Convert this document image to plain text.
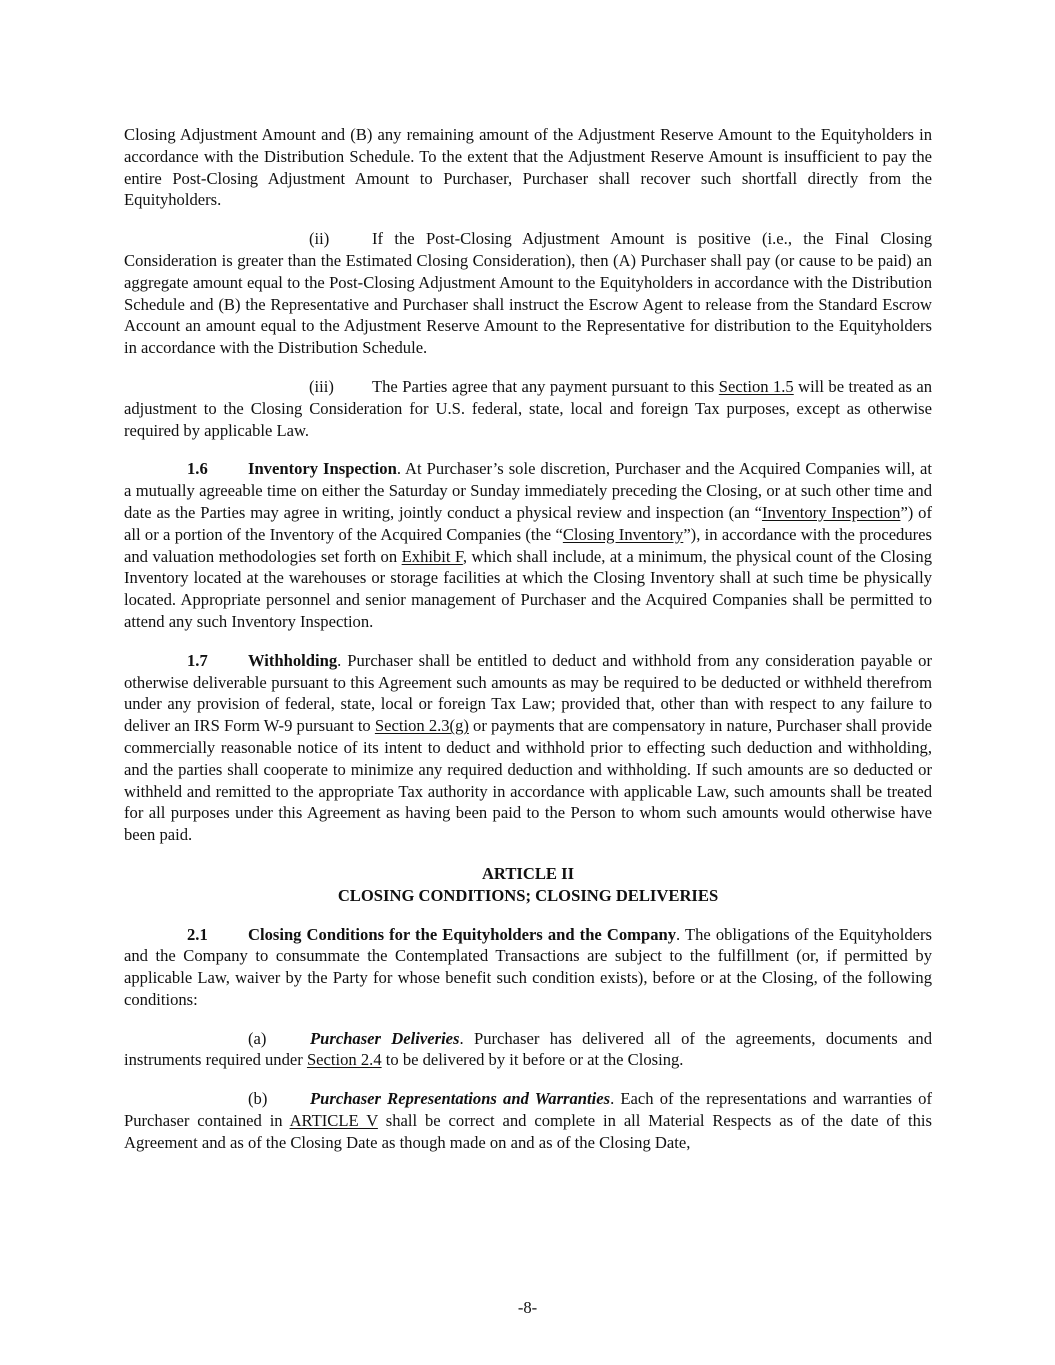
Closing Adjustment Amount and (B) any remaining amount of the Adjustment Reserve Amount to the Equityholders in accordance with the Distribution Schedule. To the extent that the Adjustment Reserve Amount is insufficient to pay the entire Post-Closing Adjustment Amount to Purchaser, Purchaser shall recover such shortfall directly from the Equityholders.

(ii)	If the Post-Closing Adjustment Amount is positive (i.e., the Final Closing Consideration is greater than the Estimated Closing Consideration), then (A) Purchaser shall pay (or cause to be paid) an aggregate amount equal to the Post-Closing Adjustment Amount to the Equityholders in accordance with the Distribution Schedule and (B) the Representative and Purchaser shall instruct the Escrow Agent to release from the Standard Escrow Account an amount equal to the Adjustment Reserve Amount to the Representative for distribution to the Equityholders in accordance with the Distribution Schedule.

(iii) The Parties agree that any payment pursuant to this Section 1.5 will be treated as an adjustment to the Closing Consideration for U.S. federal, state, local and foreign Tax purposes, except as otherwise required by applicable Law.

1.6 Inventory Inspection. At Purchaser’s sole discretion, Purchaser and the Acquired Companies will, at a mutually agreeable time on either the Saturday or Sunday immediately preceding the Closing, or at such other time and date as the Parties may agree in writing, jointly conduct a physical review and inspection (an “Inventory Inspection”) of all or a portion of the Inventory of the Acquired Companies (the “Closing Inventory”), in accordance with the procedures and valuation methodologies set forth on Exhibit F, which shall include, at a minimum, the physical count of the Closing Inventory located at the warehouses or storage facilities at which the Closing Inventory shall at such time be physically located. Appropriate personnel and senior management of Purchaser and the Acquired Companies shall be permitted to attend any such Inventory Inspection.

1.7 Withholding. Purchaser shall be entitled to deduct and withhold from any consideration payable or otherwise deliverable pursuant to this Agreement such amounts as may be required to be deducted or withheld therefrom under any provision of federal, state, local or foreign Tax Law; provided that, other than with respect to any failure to deliver an IRS Form W-9 pursuant to Section 2.3(g) or payments that are compensatory in nature, Purchaser shall provide commercially reasonable notice of its intent to deduct and withhold prior to effecting such deduction and withholding, and the parties shall cooperate to minimize any required deduction and withholding. If such amounts are so deducted or withheld and remitted to the appropriate Tax authority in accordance with applicable Law, such amounts shall be treated for all purposes under this Agreement as having been paid to the Person to whom such amounts would otherwise have been paid.

ARTICLE II
CLOSING CONDITIONS; CLOSING DELIVERIES

2.1 Closing Conditions for the Equityholders and the Company. The obligations of the Equityholders and the Company to consummate the Contemplated Transactions are subject to the fulfillment (or, if permitted by applicable Law, waiver by the Party for whose benefit such condition exists), before or at the Closing, of the following conditions:

(a)	Purchaser Deliveries. Purchaser has delivered all of the agreements, documents and instruments required under Section 2.4 to be delivered by it before or at the Closing.

(b)	Purchaser Representations and Warranties. Each of the representations and warranties of Purchaser contained in ARTICLE V shall be correct and complete in all Material Respects as of the date of this Agreement and as of the Closing Date as though made on and as of the Closing Date,

-8-
